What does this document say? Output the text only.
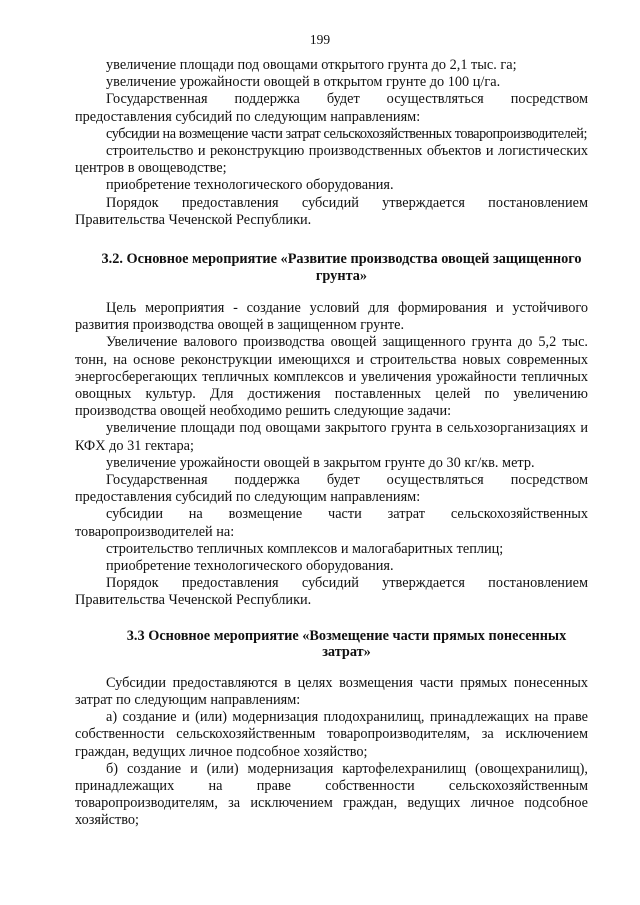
199

увеличение площади под овощами открытого грунта до 2,1 тыс. га;

увеличение урожайности овощей в открытом грунте до 100 ц/га.

Государственная поддержка будет осуществляться посредством предоставления субсидий по следующим направлениям:

субсидии на возмещение части затрат сельскохозяйственных товаропроизводителей;

строительство и реконструкцию производственных объектов и логистических центров в овощеводстве;

приобретение технологического оборудования.

Порядок предоставления субсидий утверждается постановлением Правительства Чеченской Республики.

3.2. Основное мероприятие «Развитие производства овощей защищенного грунта»

Цель мероприятия - создание условий для формирования и устойчивого развития производства овощей в защищенном грунте.

Увеличение валового производства овощей защищенного грунта до 5,2 тыс. тонн, на основе реконструкции имеющихся и строительства новых современных энергосберегающих тепличных комплексов и увеличения урожайности тепличных овощных культур. Для достижения поставленных целей по увеличению производства овощей необходимо решить следующие задачи:

увеличение площади под овощами закрытого грунта в сельхозорганизациях и КФХ до 31 гектара;

увеличение урожайности овощей в закрытом грунте до 30 кг/кв. метр.

Государственная поддержка будет осуществляться посредством предоставления субсидий по следующим направлениям:

субсидии на возмещение части затрат сельскохозяйственных товаропроизводителей на:

строительство тепличных комплексов и малогабаритных теплиц;

приобретение технологического оборудования.

Порядок предоставления субсидий утверждается постановлением Правительства Чеченской Республики.

3.3 Основное мероприятие «Возмещение части прямых понесенных затрат»

Субсидии предоставляются в целях возмещения части прямых понесенных затрат по следующим направлениям:

а) создание и (или) модернизация плодохранилищ, принадлежащих на праве собственности сельскохозяйственным товаропроизводителям, за исключением граждан, ведущих личное подсобное хозяйство;

б) создание и (или) модернизация картофелехранилищ (овощехранилищ), принадлежащих на праве собственности сельскохозяйственным товаропроизводителям, за исключением граждан, ведущих личное подсобное хозяйство;
